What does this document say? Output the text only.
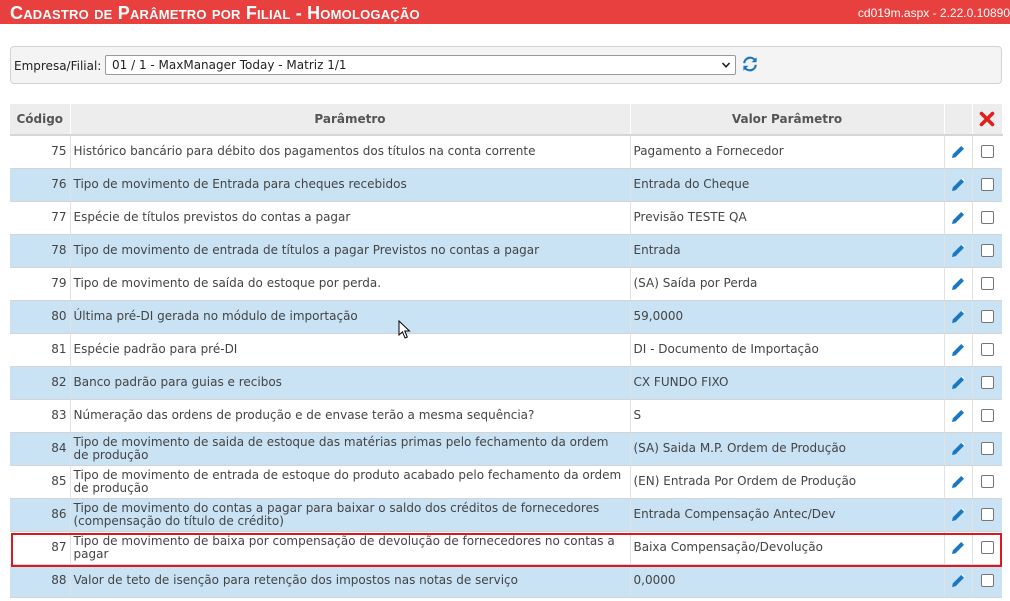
Cadastro de Parâmetro por Filial - Homologação	cd019m.aspx - 2.22.0.10890
Empresa/Filial: 01 / 1 - MaxManager Today - Matriz 1/1
Código	Parâmetro	Valor Parâmetro		
75	Histórico bancário para débito dos pagamentos dos títulos na conta corrente	Pagamento a Fornecedor		
76	Tipo de movimento de Entrada para cheques recebidos	Entrada do Cheque		
77	Espécie de títulos previstos do contas a pagar	Previsão TESTE QA		
78	Tipo de movimento de entrada de títulos a pagar Previstos no contas a pagar	Entrada		
79	Tipo de movimento de saída do estoque por perda.	(SA) Saída por Perda		
80	Última pré-DI gerada no módulo de importação	59,0000		
81	Espécie padrão para pré-DI	DI - Documento de Importação		
82	Banco padrão para guias e recibos	CX FUNDO FIXO		
83	Númeração das ordens de produção e de envase terão a mesma sequência?	S		
84	Tipo de movimento de saida de estoque das matérias primas pelo fechamento da ordem de produção	(SA) Saida M.P. Ordem de Produção		
85	Tipo de movimento de entrada de estoque do produto acabado pelo fechamento da ordem de produção	(EN) Entrada Por Ordem de Produção		
86	Tipo de movimento do contas a pagar para baixar o saldo dos créditos de fornecedores (compensação do título de crédito)	Entrada Compensação Antec/Dev		
87	Tipo de movimento de baixa por compensação de devolução de fornecedores no contas a pagar	Baixa Compensação/Devolução		
88	Valor de teto de isenção para retenção dos impostos nas notas de serviço	0,0000		
